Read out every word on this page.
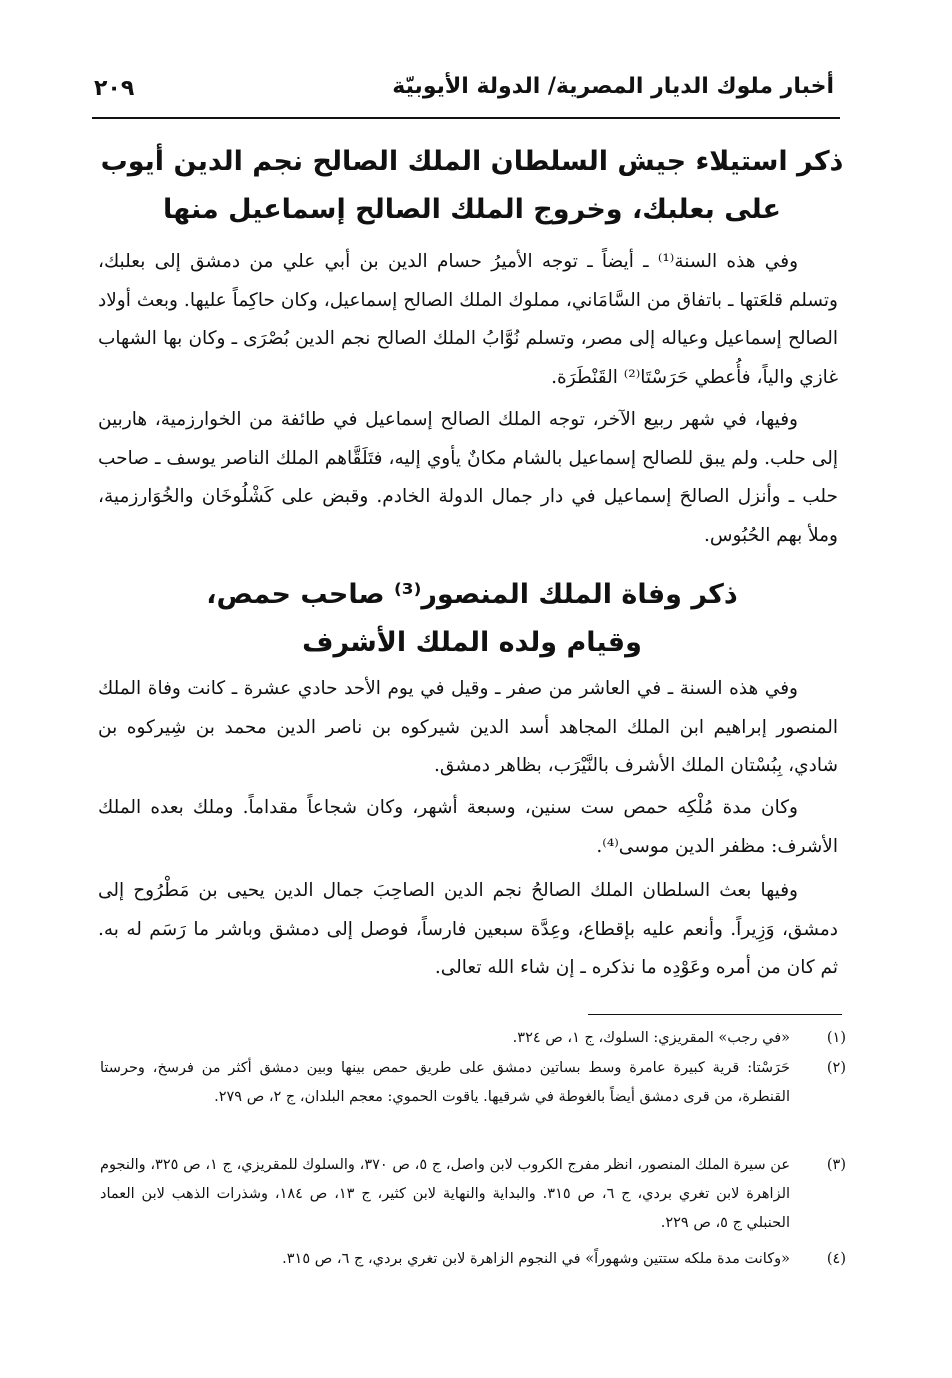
أخبار ملوك الديار المصرية/ الدولة الأيوبيّة
٢٠٩
ذكر استيلاء جيش السلطان الملك الصالح نجم الدين أيوب
على بعلبك، وخروج الملك الصالح إسماعيل منها

وفي هذه السنة⁽¹⁾ ـ أيضاً ـ توجه الأميرُ حسام الدين بن أبي علي من دمشق إلى بعلبك، وتسلم قلعَتها ـ باتفاق من السَّامَاني، مملوك الملك الصالح إسماعيل، وكان حاكِماً عليها. وبعث أولاد الصالح إسماعيل وعياله إلى مصر، وتسلم نُوَّابُ الملك الصالح نجم الدين بُصْرَى ـ وكان بها الشهاب غازي والياً، فأُعطي حَرَسْتَا⁽²⁾ القَنْطَرَة.

وفيها، في شهر ربيع الآخر، توجه الملك الصالح إسماعيل في طائفة من الخوارزمية، هاربين إلى حلب. ولم يبق للصالح إسماعيل بالشام مكانٌ يأوي إليه، فتَلَقَّاهم الملك الناصر يوسف ـ صاحب حلب ـ وأنزل الصالحَ إسماعيل في دار جمال الدولة الخادم. وقبض على كَشْلُوخَان والخُوَارزمية، وملأ بهم الحُبُوس.

ذكر وفاة الملك المنصور⁽³⁾ صاحب حمص،
وقيام ولده الملك الأشرف

وفي هذه السنة ـ في العاشر من صفر ـ وقيل في يوم الأحد حادي عشرة ـ كانت وفاة الملك المنصور إبراهيم ابن الملك المجاهد أسد الدين شيركوه بن ناصر الدين محمد بن شِيركوه بن شادي، بِبُسْتان الملك الأشرف بالنَّيْرَب، بظاهر دمشق.

وكان مدة مُلْكِه حمص ست سنين، وسبعة أشهر، وكان شجاعاً مقداماً. وملك بعده الملك الأشرف: مظفر الدين موسى⁽⁴⁾.

وفيها بعث السلطان الملك الصالحُ نجم الدين الصاحِبَ جمال الدين يحيى بن مَطْرُوح إلى دمشق، وَزِيراً. وأنعم عليه بإقطاع، وعِدَّة سبعين فارساً، فوصل إلى دمشق وباشر ما رَسَم له به. ثم كان من أمره وعَوْدِه ما نذكره ـ إن شاء الله تعالى.

(١)
«في رجب» المقريزي: السلوك، ج ١، ص ٣٢٤.
(٢)
حَرَسْتا: قرية كبيرة عامرة وسط بساتين دمشق على طريق حمص بينها وبين دمشق أكثر من فرسخ، وحرستا القنطرة، من قرى دمشق أيضاً بالغوطة في شرقيها. ياقوت الحموي: معجم البلدان، ج ٢، ص ٢٧٩.
(٣)
عن سيرة الملك المنصور، انظر مفرج الكروب لابن واصل، ج ٥، ص ٣٧٠، والسلوك للمقريزي، ج ١، ص ٣٢٥، والنجوم الزاهرة لابن تغري بردي، ج ٦، ص ٣١٥. والبداية والنهاية لابن كثير، ج ١٣، ص ١٨٤، وشذرات الذهب لابن العماد الحنبلي ج ٥، ص ٢٢٩.
(٤)
«وكانت مدة ملكه ستتين وشهوراً» في النجوم الزاهرة لابن تغري بردي، ج ٦، ص ٣١٥.
